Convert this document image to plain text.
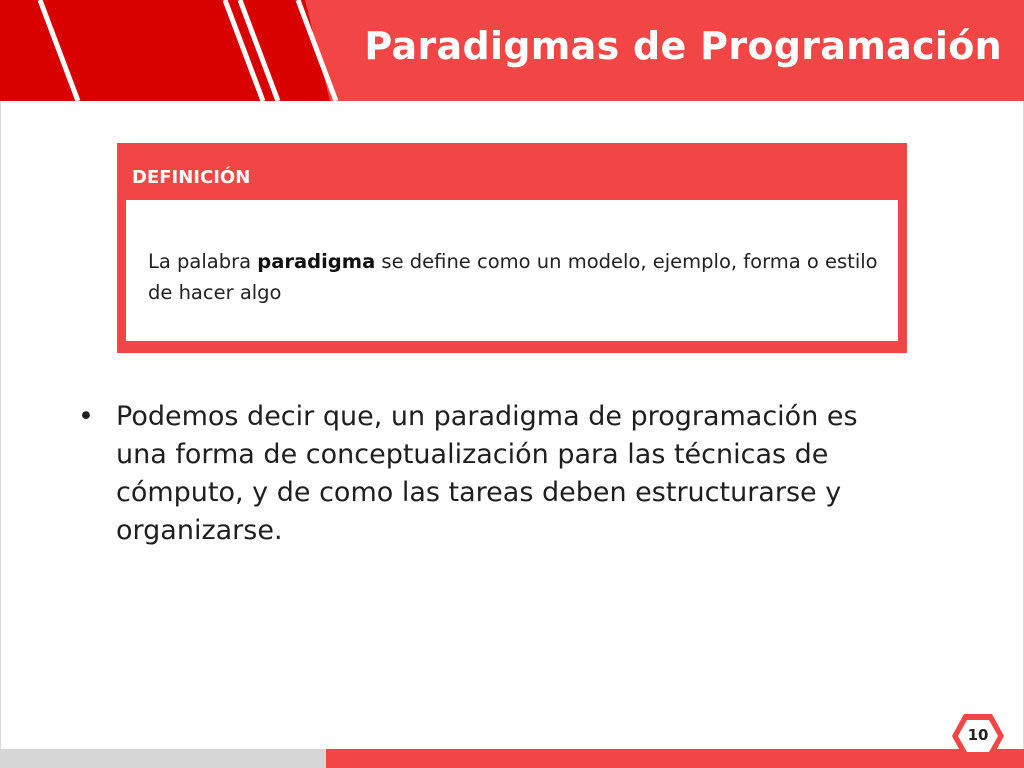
Paradigmas de Programación
DEFINICIÓN
La palabra paradigma se define como un modelo, ejemplo, forma o estilo de hacer algo
• Podemos decir que, un paradigma de programación es una forma de conceptualización para las técnicas de cómputo, y de como las tareas deben estructurarse y organizarse.
10
